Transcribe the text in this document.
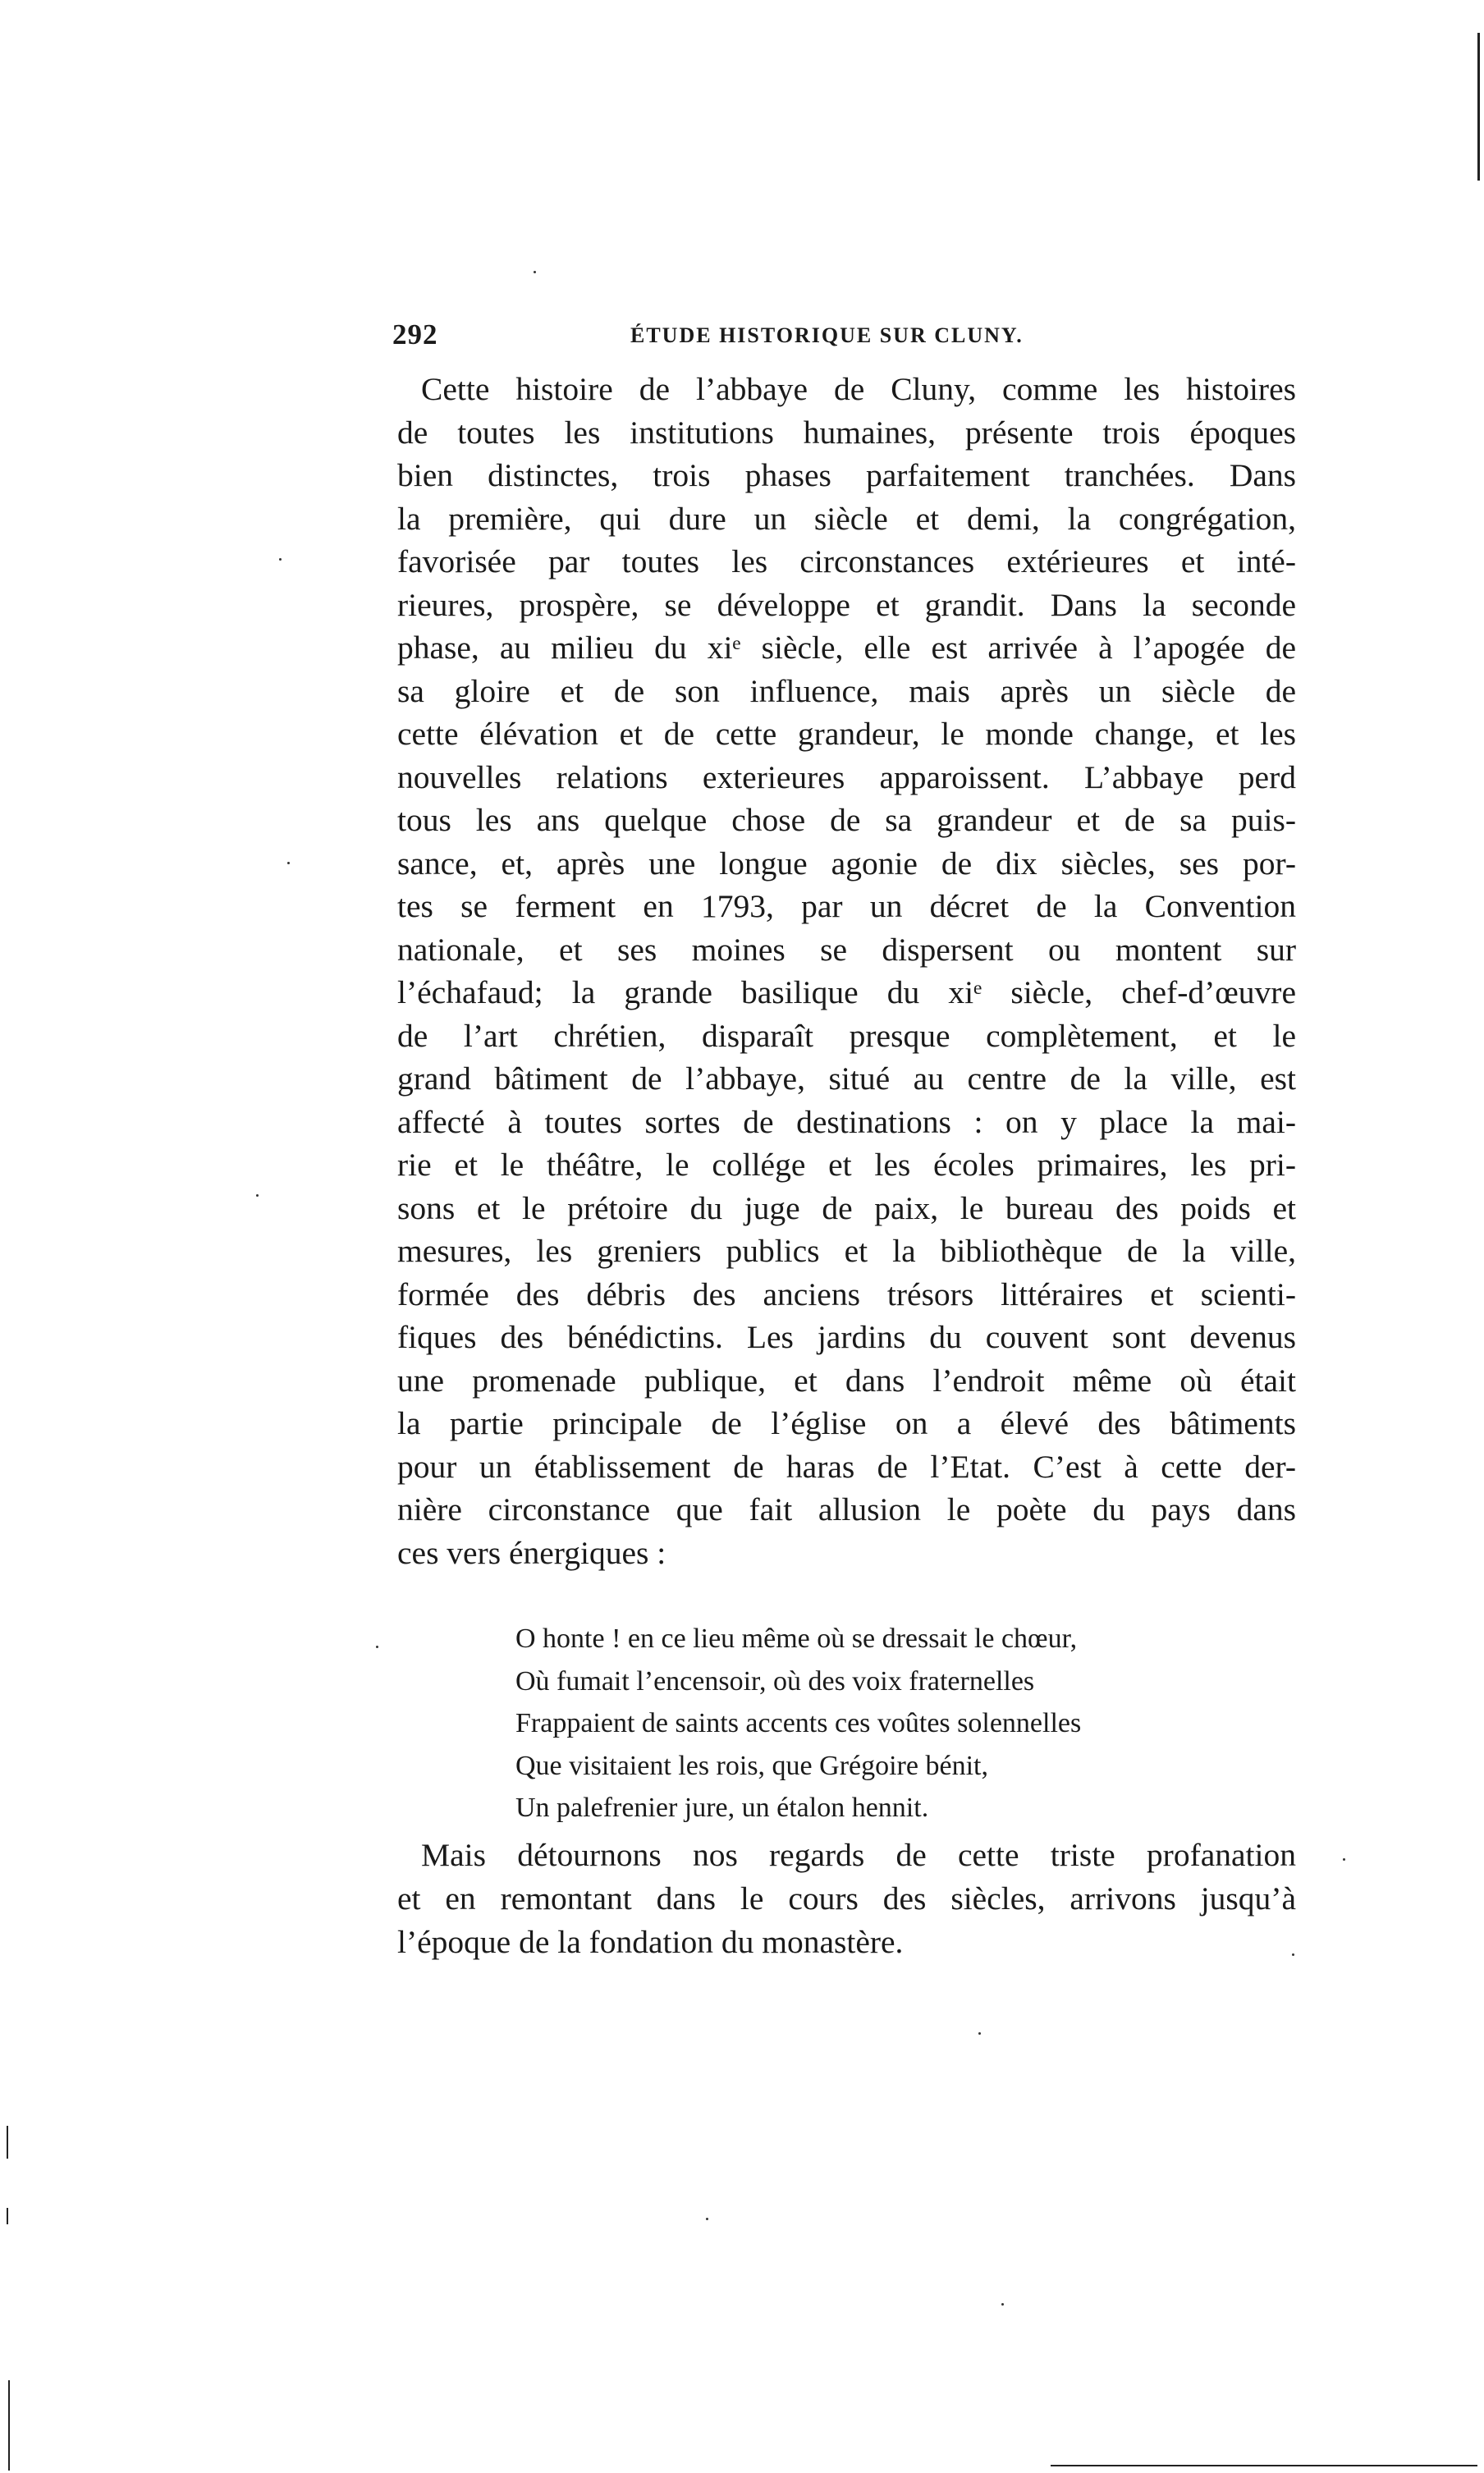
292	ÉTUDE HISTORIQUE SUR CLUNY.
Cette histoire de l’abbaye de Cluny, comme les histoires
de toutes les institutions humaines, présente trois époques
bien distinctes, trois phases parfaitement tranchées. Dans
la première, qui dure un siècle et demi, la congrégation,
favorisée par toutes les circonstances extérieures et inté-
rieures, prospère, se développe et grandit. Dans la seconde
phase, au milieu du xiᵉ siècle, elle est arrivée à l’apogée de
sa gloire et de son influence, mais après un siècle de
cette élévation et de cette grandeur, le monde change, et les
nouvelles relations exterieures apparoissent. L’abbaye perd
tous les ans quelque chose de sa grandeur et de sa puis-
sance, et, après une longue agonie de dix siècles, ses por-
tes se ferment en 1793, par un décret de la Convention
nationale, et ses moines se dispersent ou montent sur
l’échafaud; la grande basilique du xiᵉ siècle, chef-d’œuvre
de l’art chrétien, disparaît presque complètement, et le
grand bâtiment de l’abbaye, situé au centre de la ville, est
affecté à toutes sortes de destinations : on y place la mai-
rie et le théâtre, le collége et les écoles primaires, les pri-
sons et le prétoire du juge de paix, le bureau des poids et
mesures, les greniers publics et la bibliothèque de la ville,
formée des débris des anciens trésors littéraires et scienti-
fiques des bénédictins. Les jardins du couvent sont devenus
une promenade publique, et dans l’endroit même où était
la partie principale de l’église on a élevé des bâtiments
pour un établissement de haras de l’Etat. C’est à cette der-
nière circonstance que fait allusion le poète du pays dans
ces vers énergiques :
O honte ! en ce lieu même où se dressait le chœur,
Où fumait l’encensoir, où des voix fraternelles
Frappaient de saints accents ces voûtes solennelles
Que visitaient les rois, que Grégoire bénit,
Un palefrenier jure, un étalon hennit.
Mais détournons nos regards de cette triste profanation
et en remontant dans le cours des siècles, arrivons jusqu’à
l’époque de la fondation du monastère.
